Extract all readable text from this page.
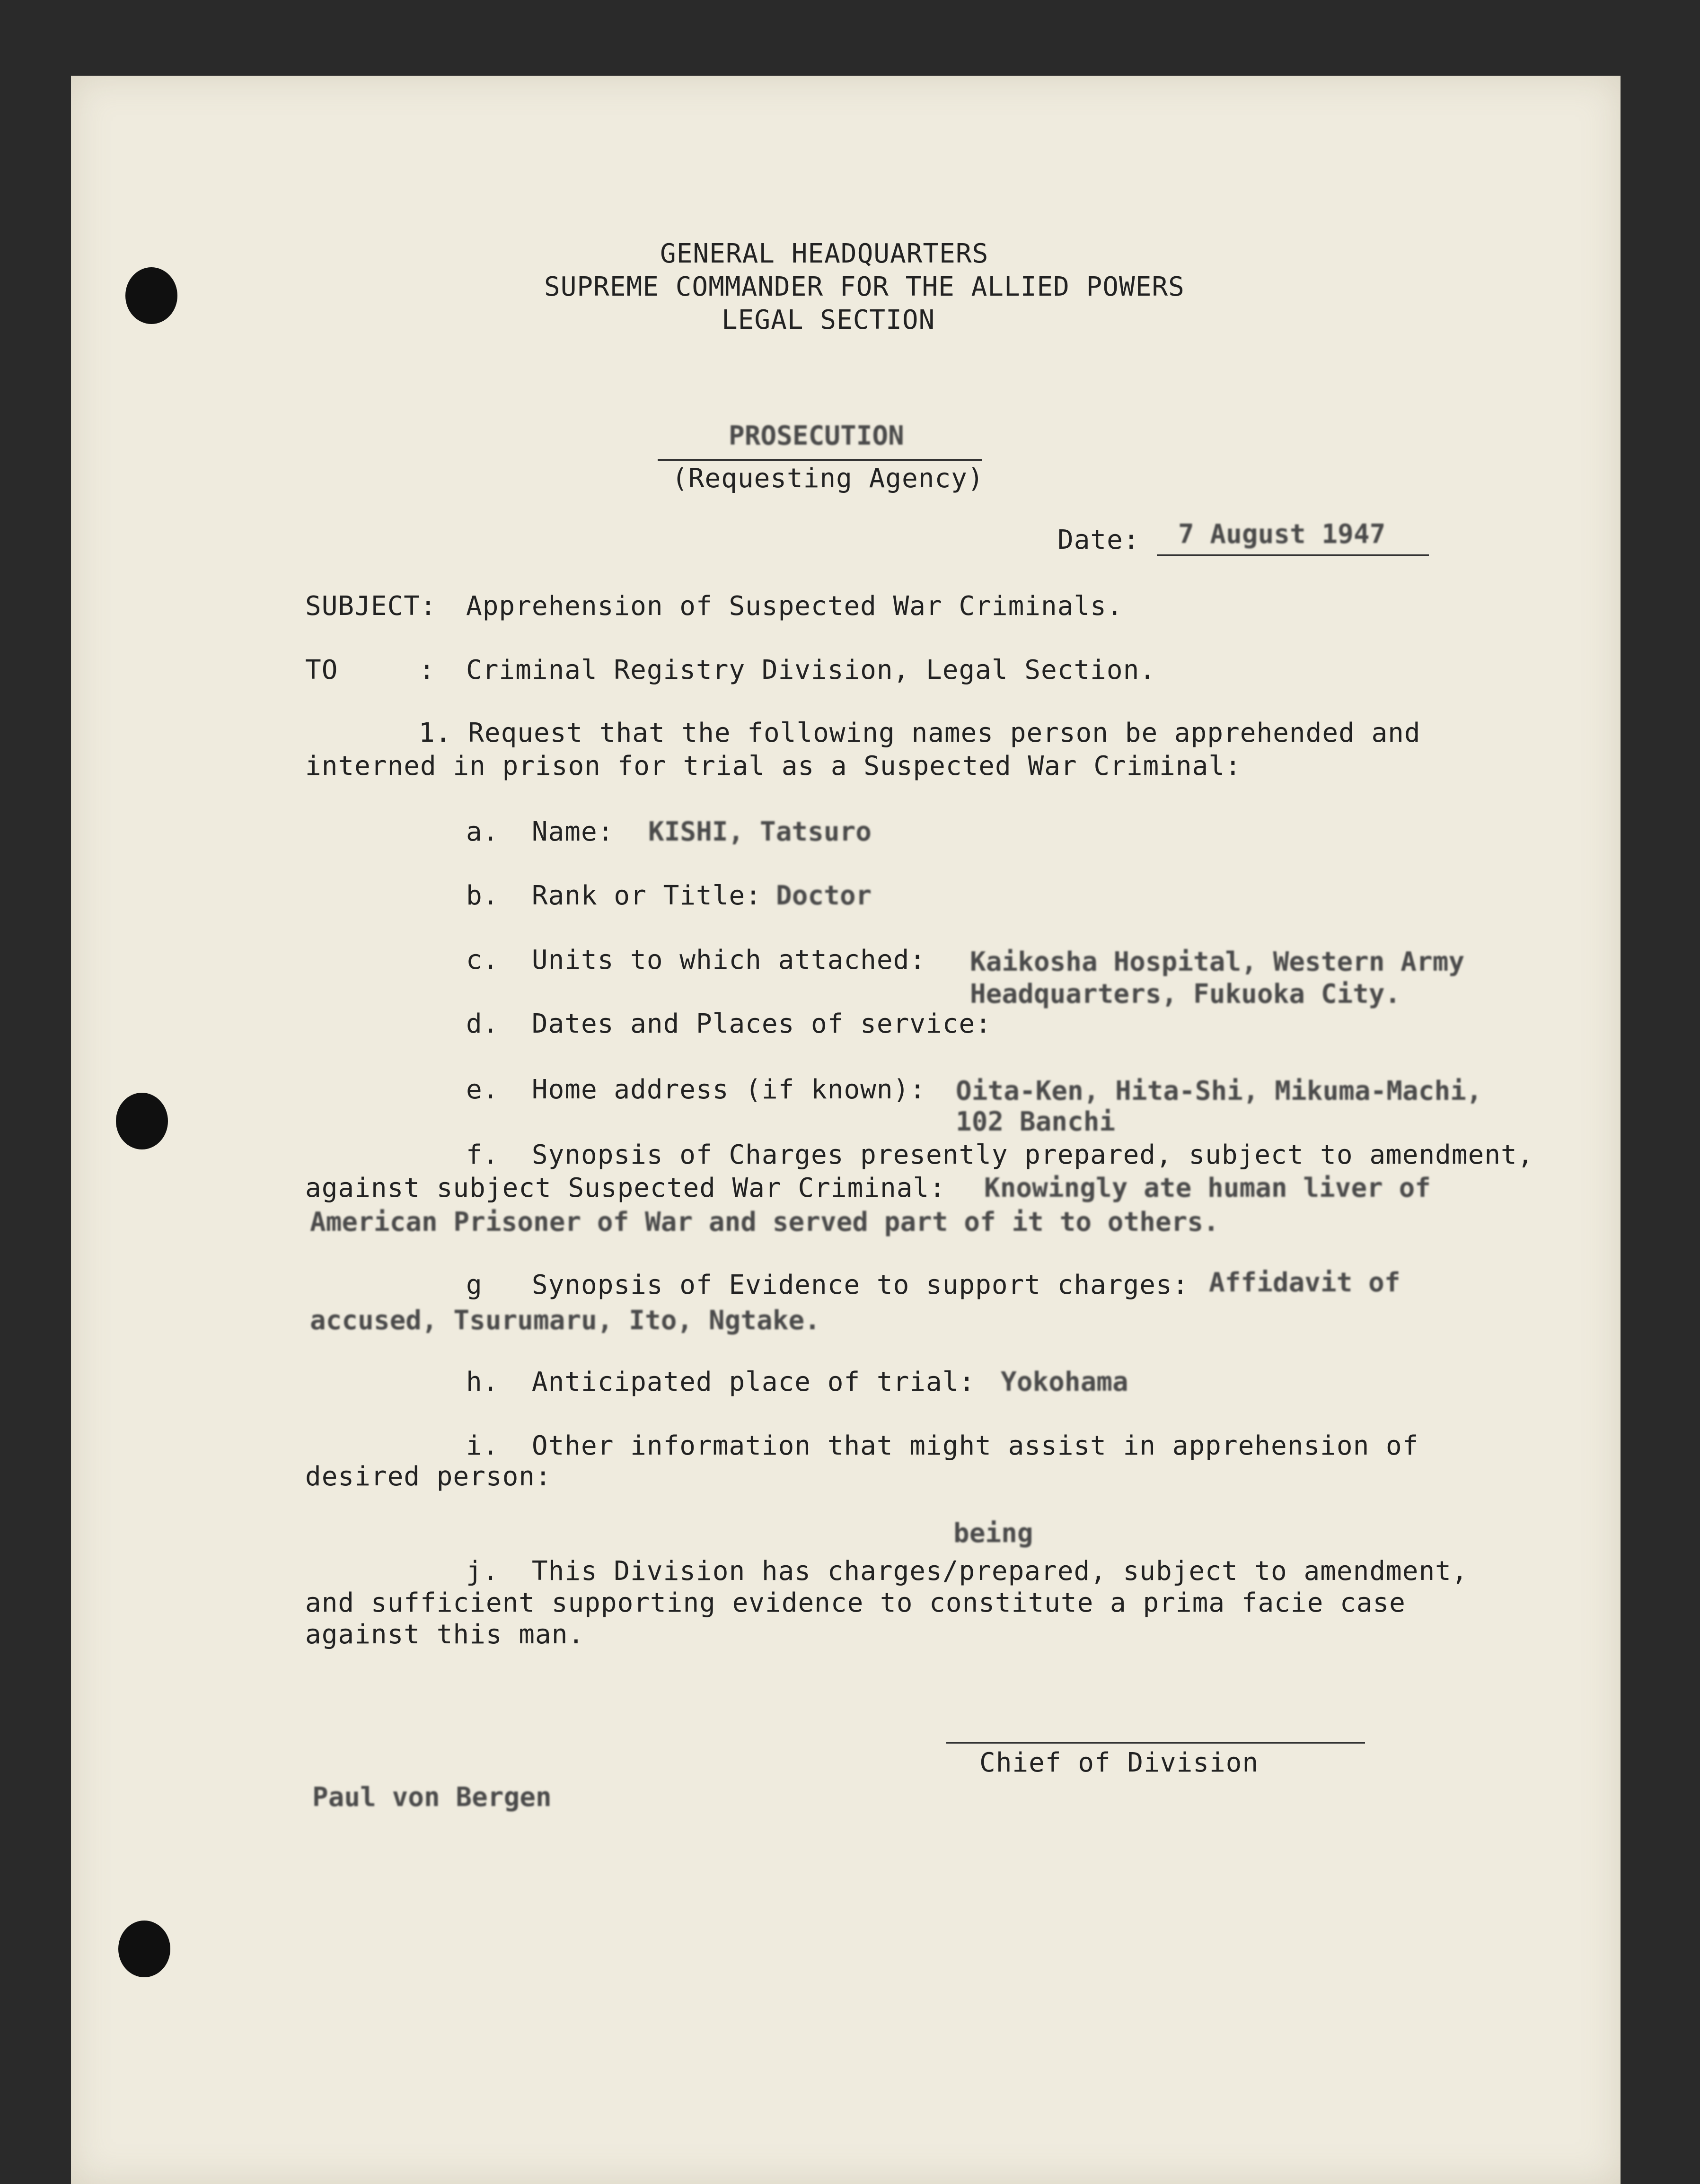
GENERAL HEADQUARTERS
SUPREME COMMANDER FOR THE ALLIED POWERS
LEGAL SECTION
PROSECUTION
(Requesting Agency)
Date: 7 August 1947
SUBJECT: Apprehension of Suspected War Criminals.
TO	: Criminal Registry Division, Legal Section.
1. Request that the following names person be apprehended and
interned in prison for trial as a Suspected War Criminal:
a.  Name: KISHI, Tatsuro
b.  Rank or Title: Doctor
c.  Units to which attached: Kaikosha Hospital, Western Army
Headquarters, Fukuoka City.
d.  Dates and Places of service:
e.  Home address (if known): Oita-Ken, Hita-Shi, Mikuma-Machi,
102 Banchi
f.  Synopsis of Charges presently prepared, subject to amendment,
against subject Suspected War Criminal: Knowingly ate human liver of
American Prisoner of War and served part of it to others.
g   Synopsis of Evidence to support charges: Affidavit of
accused, Tsurumaru, Ito, Ngtake.
h.  Anticipated place of trial: Yokohama
i.  Other information that might assist in apprehension of
desired person:
being
j.  This Division has charges/prepared, subject to amendment,
and sufficient supporting evidence to constitute a prima facie case
against this man.
Chief of Division
Paul von Bergen
